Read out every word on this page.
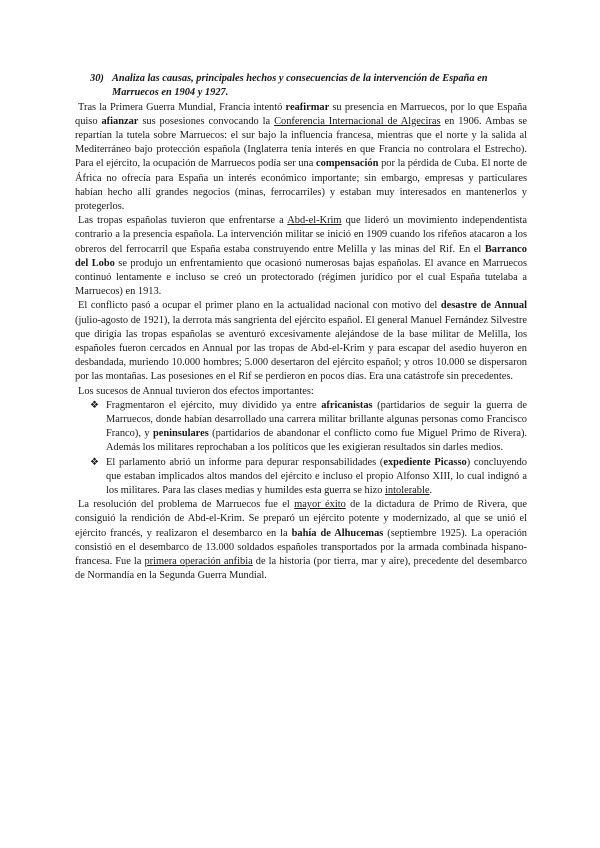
30) Analiza las causas, principales hechos y consecuencias de la intervención de España en
Marruecos en 1904 y 1927.

Tras la Primera Guerra Mundial, Francia intentó reafirmar su presencia en Marruecos, por lo que España quiso afianzar sus posesiones convocando la Conferencia Internacional de Algeciras en 1906. Ambas se repartían la tutela sobre Marruecos: el sur bajo la influencia francesa, mientras que el norte y la salida al Mediterráneo bajo protección española (Inglaterra tenía interés en que Francia no controlara el Estrecho). Para el ejército, la ocupación de Marruecos podía ser una compensación por la pérdida de Cuba. El norte de África no ofrecía para España un interés económico importante; sin embargo, empresas y particulares habían hecho allí grandes negocios (minas, ferrocarriles) y estaban muy interesados en mantenerlos y protegerlos.

Las tropas españolas tuvieron que enfrentarse a Abd-el-Krim que lideró un movimiento independentista contrario a la presencia española. La intervención militar se inició en 1909 cuando los rifeños atacaron a los obreros del ferrocarril que España estaba construyendo entre Melilla y las minas del Rif. En el Barranco del Lobo se produjo un enfrentamiento que ocasionó numerosas bajas españolas. El avance en Marruecos continuó lentamente e incluso se creó un protectorado (régimen jurídico por el cual España tutelaba a Marruecos) en 1913.

El conflicto pasó a ocupar el primer plano en la actualidad nacional con motivo del desastre de Annual (julio-agosto de 1921), la derrota más sangrienta del ejército español. El general Manuel Fernández Silvestre que dirigía las tropas españolas se aventuró excesivamente alejándose de la base militar de Melilla, los españoles fueron cercados en Annual por las tropas de Abd-el-Krim y para escapar del asedio huyeron en desbandada, muriendo 10.000 hombres; 5.000 desertaron del ejército español; y otros 10.000 se dispersaron por las montañas. Las posesiones en el Rif se perdieron en pocos días. Era una catástrofe sin precedentes.

Los sucesos de Annual tuvieron dos efectos importantes:

❖ Fragmentaron el ejército, muy dividido ya entre africanistas (partidarios de seguir la guerra de Marruecos, donde habían desarrollado una carrera militar brillante algunas personas como Francisco Franco), y peninsulares (partidarios de abandonar el conflicto como fue Miguel Primo de Rivera). Además los militares reprochaban a los políticos que les exigieran resultados sin darles medios.
❖ El parlamento abrió un informe para depurar responsabilidades (expediente Picasso) concluyendo que estaban implicados altos mandos del ejército e incluso el propio Alfonso XIII, lo cual indignó a los militares. Para las clases medias y humildes esta guerra se hizo intolerable.

La resolución del problema de Marruecos fue el mayor éxito de la dictadura de Primo de Rivera, que consiguió la rendición de Abd-el-Krim. Se preparó un ejército potente y modernizado, al que se unió el ejército francés, y realizaron el desembarco en la bahía de Alhucemas (septiembre 1925). La operación consistió en el desembarco de 13.000 soldados españoles transportados por la armada combinada hispano-francesa. Fue la primera operación anfibia de la historia (por tierra, mar y aire), precedente del desembarco de Normandía en la Segunda Guerra Mundial.
